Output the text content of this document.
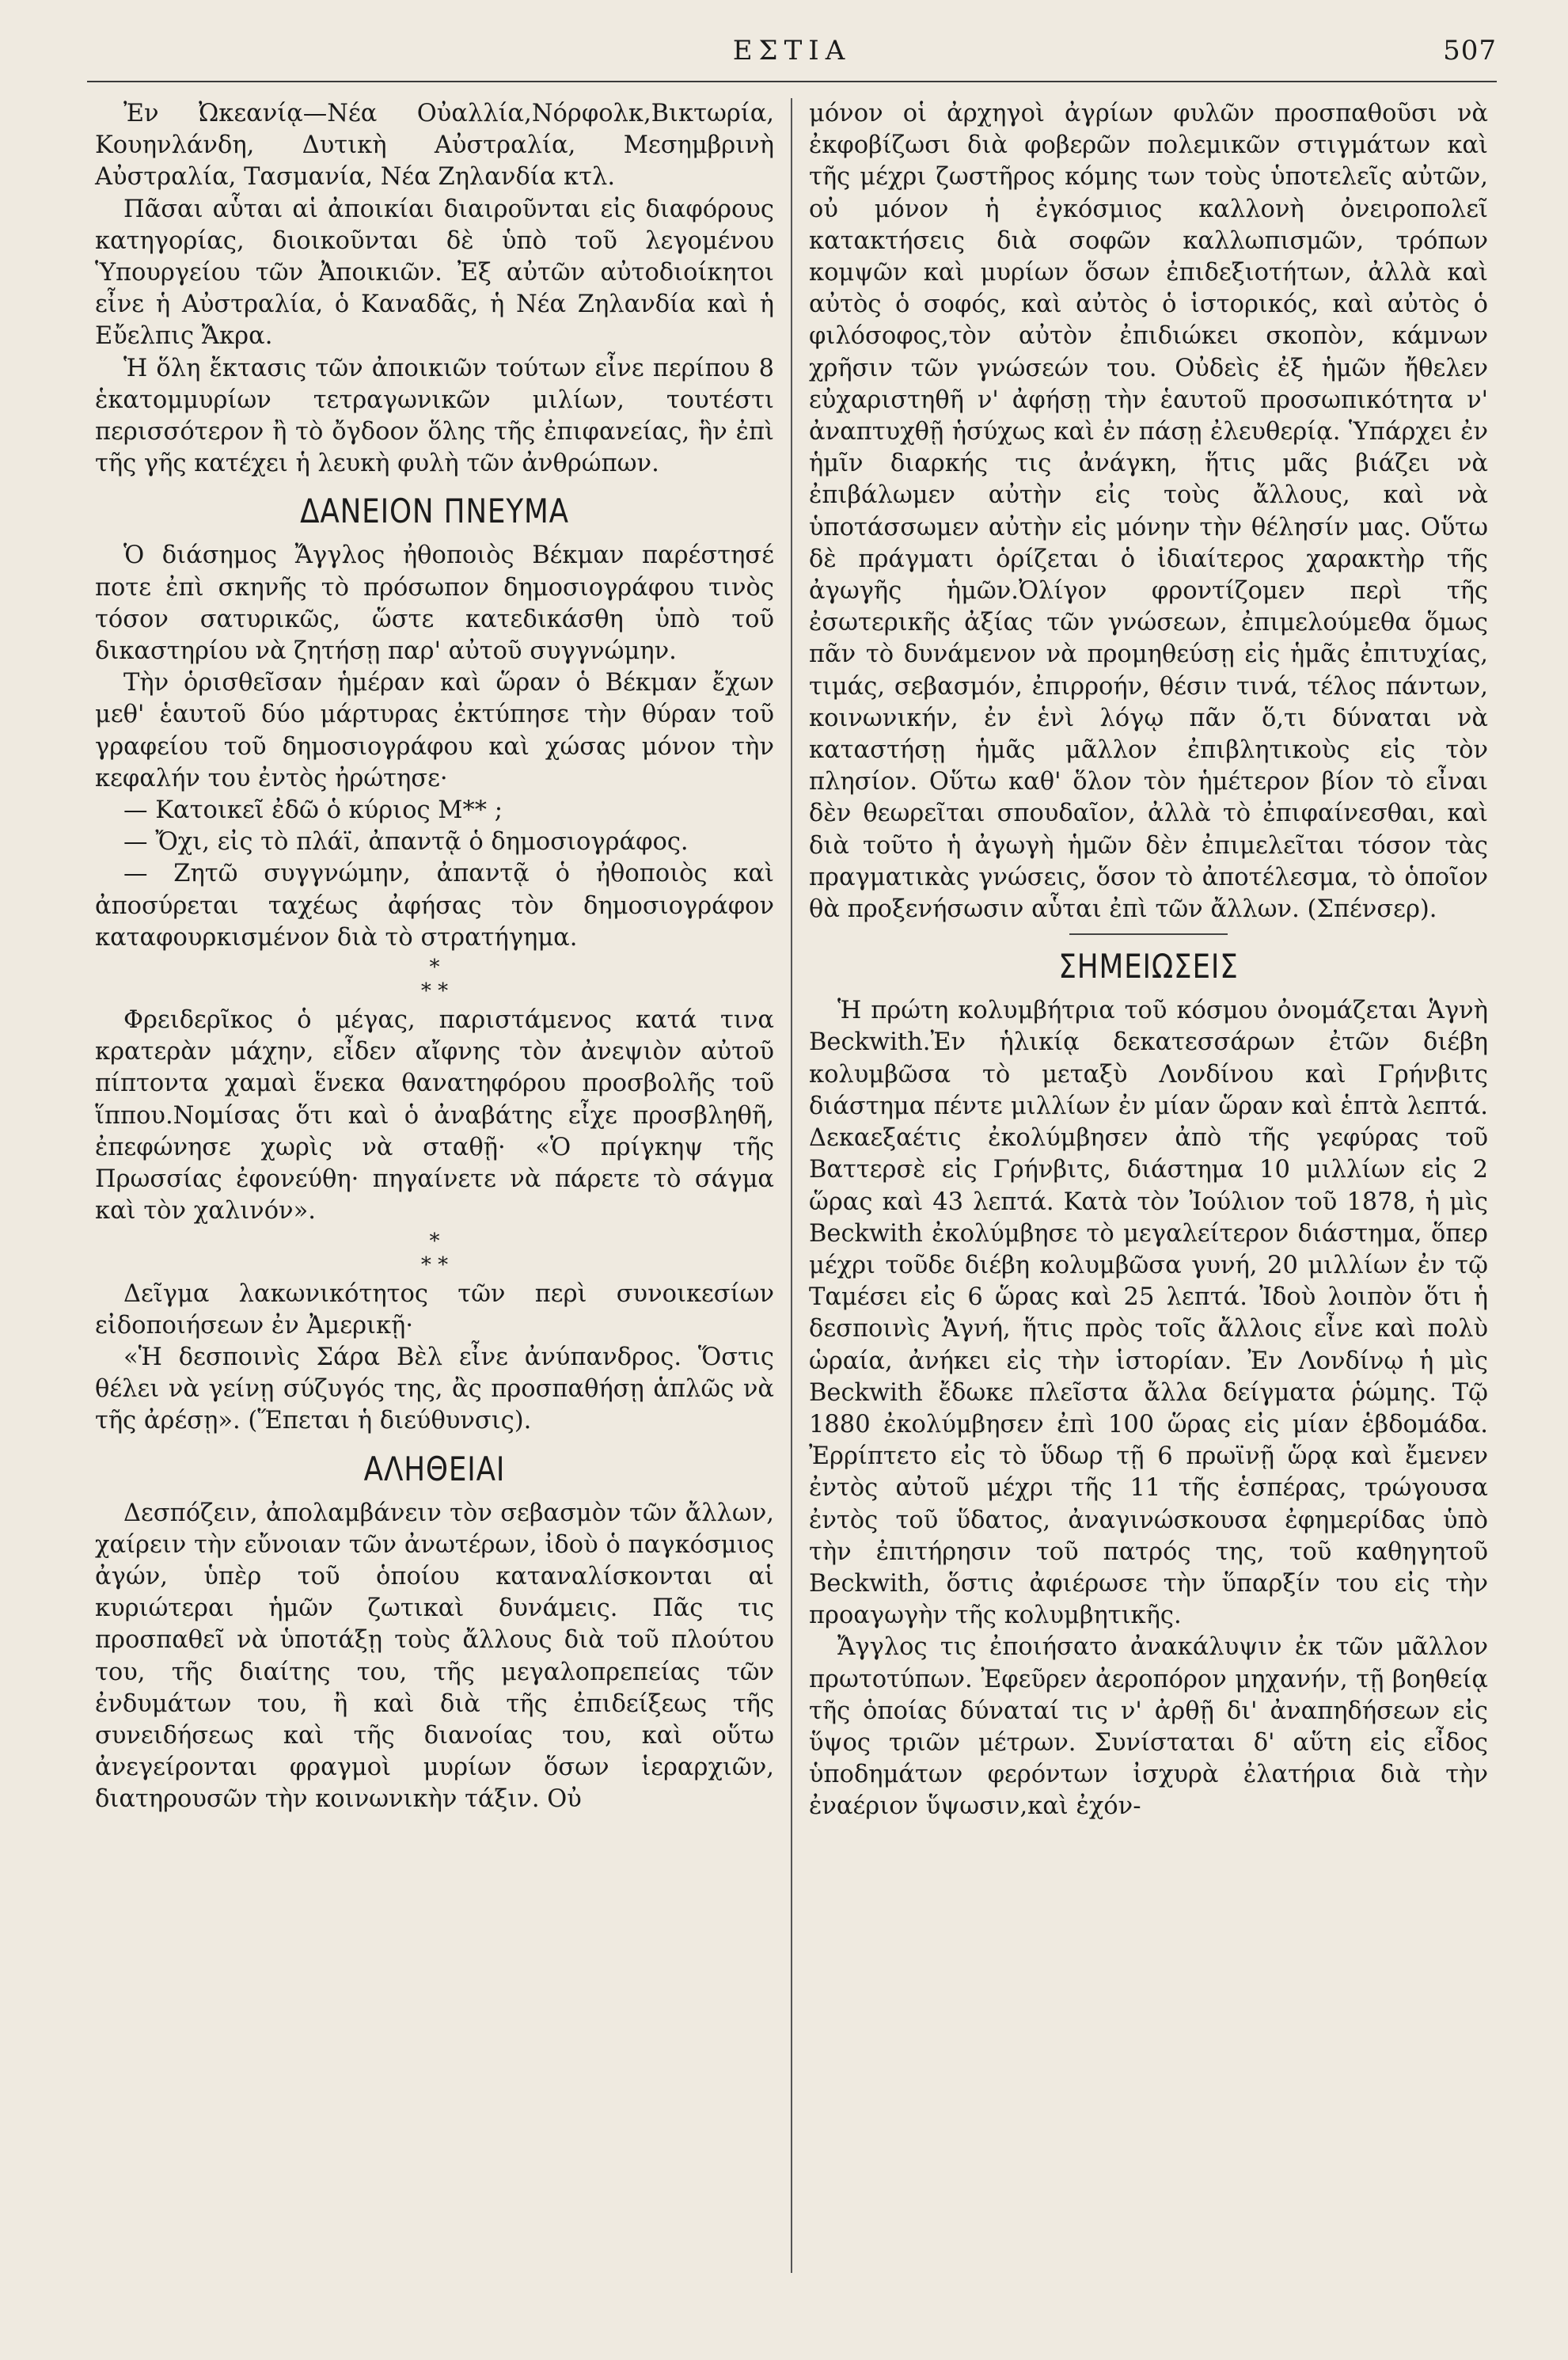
ΕΣΤΙΑ	507

Ἐν Ὠκεανίᾳ—Νέα Οὐαλλία,Νόρφολκ,Βικτωρία, Κουηνλάνδη, Δυτικὴ Αὐστραλία, Μεσημβρινὴ Αὐστραλία, Τασμανία, Νέα Ζηλανδία κτλ.

Πᾶσαι αὗται αἱ ἀποικίαι διαιροῦνται εἰς διαφόρους κατηγορίας, διοικοῦνται δὲ ὑπὸ τοῦ λεγομένου Ὑπουργείου τῶν Ἀποικιῶν. Ἐξ αὐτῶν αὐτοδιοίκητοι εἶνε ἡ Αὐστραλία, ὁ Καναδᾶς, ἡ Νέα Ζηλανδία καὶ ἡ Εὔελπις Ἄκρα.

Ἡ ὅλη ἔκτασις τῶν ἀποικιῶν τούτων εἶνε περίπου 8 ἑκατομμυρίων τετραγωνικῶν μιλίων, τουτέστι περισσότερον ἢ τὸ ὄγδοον ὅλης τῆς ἐπιφανείας, ἣν ἐπὶ τῆς γῆς κατέχει ἡ λευκὴ φυλὴ τῶν ἀνθρώπων.

ΔΑΝΕΙΟΝ ΠΝΕΥΜΑ

Ὁ διάσημος Ἄγγλος ἠθοποιὸς Βέκμαν παρέστησέ ποτε ἐπὶ σκηνῆς τὸ πρόσωπον δημοσιογράφου τινὸς τόσον σατυρικῶς, ὥστε κατεδικάσθη ὑπὸ τοῦ δικαστηρίου νὰ ζητήσῃ παρ' αὐτοῦ συγγνώμην.

Τὴν ὁρισθεῖσαν ἡμέραν καὶ ὥραν ὁ Βέκμαν ἔχων μεθ' ἑαυτοῦ δύο μάρτυρας ἐκτύπησε τὴν θύραν τοῦ γραφείου τοῦ δημοσιογράφου καὶ χώσας μόνον τὴν κεφαλήν του ἐντὸς ἠρώτησε·

— Κατοικεῖ ἐδῶ ὁ κύριος Μ** ;

— Ὄχι, εἰς τὸ πλάϊ, ἀπαντᾷ ὁ δημοσιογράφος.

— Ζητῶ συγγνώμην, ἀπαντᾷ ὁ ἠθοποιὸς καὶ ἀποσύρεται ταχέως ἀφήσας τὸν δημοσιογράφον καταφουρκισμένον διὰ τὸ στρατήγημα.

*
* *

Φρειδερῖκος ὁ μέγας, παριστάμενος κατά τινα κρατερὰν μάχην, εἶδεν αἴφνης τὸν ἀνεψιὸν αὐτοῦ πίπτοντα χαμαὶ ἕνεκα θανατηφόρου προσβολῆς τοῦ ἵππου.Νομίσας ὅτι καὶ ὁ ἀναβάτης εἶχε προσβληθῆ, ἐπεφώνησε χωρὶς νὰ σταθῇ· «Ὁ πρίγκηψ τῆς Πρωσσίας ἐφονεύθη· πηγαίνετε νὰ πάρετε τὸ σάγμα καὶ τὸν χαλινόν».

*
* *

Δεῖγμα λακωνικότητος τῶν περὶ συνοικεσίων εἰδοποιήσεων ἐν Ἀμερικῇ·

«Ἡ δεσποινὶς Σάρα Βὲλ εἶνε ἀνύπανδρος. Ὅστις θέλει νὰ γείνῃ σύζυγός της, ἂς προσπαθήσῃ ἁπλῶς νὰ τῆς ἀρέσῃ». (Ἕπεται ἡ διεύθυνσις).

ΑΛΗΘΕΙΑΙ

Δεσπόζειν, ἀπολαμβάνειν τὸν σεβασμὸν τῶν ἄλλων, χαίρειν τὴν εὔνοιαν τῶν ἀνωτέρων, ἰδοὺ ὁ παγκόσμιος ἀγών, ὑπὲρ τοῦ ὁποίου καταναλίσκονται αἱ κυριώτεραι ἡμῶν ζωτικαὶ δυνάμεις. Πᾶς τις προσπαθεῖ νὰ ὑποτάξῃ τοὺς ἄλλους διὰ τοῦ πλούτου του, τῆς διαίτης του, τῆς μεγαλοπρεπείας τῶν ἐνδυμάτων του, ἢ καὶ διὰ τῆς ἐπιδείξεως τῆς συνειδήσεως καὶ τῆς διανοίας του, καὶ οὕτω ἀνεγείρονται φραγμοὶ μυρίων ὅσων ἱεραρχιῶν, διατηρουσῶν τὴν κοινωνικὴν τάξιν. Οὐ

μόνον οἱ ἀρχηγοὶ ἀγρίων φυλῶν προσπαθοῦσι νὰ ἐκφοβίζωσι διὰ φοβερῶν πολεμικῶν στιγμάτων καὶ τῆς μέχρι ζωστῆρος κόμης των τοὺς ὑποτελεῖς αὐτῶν, οὐ μόνον ἡ ἐγκόσμιος καλλονὴ ὀνειροπολεῖ κατακτήσεις διὰ σοφῶν καλλωπισμῶν, τρόπων κομψῶν καὶ μυρίων ὅσων ἐπιδεξιοτήτων, ἀλλὰ καὶ αὐτὸς ὁ σοφός, καὶ αὐτὸς ὁ ἱστορικός, καὶ αὐτὸς ὁ φιλόσοφος,τὸν αὐτὸν ἐπιδιώκει σκοπὸν, κάμνων χρῆσιν τῶν γνώσεών του. Οὐδεὶς ἐξ ἡμῶν ἤθελεν εὐχαριστηθῆ ν' ἀφήσῃ τὴν ἑαυτοῦ προσωπικότητα ν' ἀναπτυχθῇ ἡσύχως καὶ ἐν πάσῃ ἐλευθερίᾳ. Ὑπάρχει ἐν ἡμῖν διαρκής τις ἀνάγκη, ἥτις μᾶς βιάζει νὰ ἐπιβάλωμεν αὐτὴν εἰς τοὺς ἄλλους, καὶ νὰ ὑποτάσσωμεν αὐτὴν εἰς μόνην τὴν θέλησίν μας. Οὕτω δὲ πράγματι ὁρίζεται ὁ ἰδιαίτερος χαρακτὴρ τῆς ἀγωγῆς ἡμῶν.Ὀλίγον φροντίζομεν περὶ τῆς ἐσωτερικῆς ἀξίας τῶν γνώσεων, ἐπιμελούμεθα ὅμως πᾶν τὸ δυνάμενον νὰ προμηθεύσῃ εἰς ἡμᾶς ἐπιτυχίας, τιμάς, σεβασμόν, ἐπιρροήν, θέσιν τινά, τέλος πάντων, κοινωνικήν, ἐν ἑνὶ λόγῳ πᾶν ὅ,τι δύναται νὰ καταστήσῃ ἡμᾶς μᾶλλον ἐπιβλητικοὺς εἰς τὸν πλησίον. Οὕτω καθ' ὅλον τὸν ἡμέτερον βίον τὸ εἶναι δὲν θεωρεῖται σπουδαῖον, ἀλλὰ τὸ ἐπιφαίνεσθαι, καὶ διὰ τοῦτο ἡ ἀγωγὴ ἡμῶν δὲν ἐπιμελεῖται τόσον τὰς πραγματικὰς γνώσεις, ὅσον τὸ ἀποτέλεσμα, τὸ ὁποῖον θὰ προξενήσωσιν αὗται ἐπὶ τῶν ἄλλων. (Σπένσερ).

ΣΗΜΕΙΩΣΕΙΣ

Ἡ πρώτη κολυμβήτρια τοῦ κόσμου ὀνομάζεται Ἁγνὴ Beckwith.Ἐν ἡλικίᾳ δεκατεσσάρων ἐτῶν διέβη κολυμβῶσα τὸ μεταξὺ Λονδίνου καὶ Γρήνβιτς διάστημα πέντε μιλλίων ἐν μίαν ὥραν καὶ ἑπτὰ λεπτά. Δεκαεξαέτις ἐκολύμβησεν ἀπὸ τῆς γεφύρας τοῦ Βαττερσὲ εἰς Γρήνβιτς, διάστημα 10 μιλλίων εἰς 2 ὥρας καὶ 43 λεπτά. Κατὰ τὸν Ἰούλιον τοῦ 1878, ἡ μὶς Beckwith ἐκολύμβησε τὸ μεγαλείτερον διάστημα, ὅπερ μέχρι τοῦδε διέβη κολυμβῶσα γυνή, 20 μιλλίων ἐν τῷ Ταμέσει εἰς 6 ὥρας καὶ 25 λεπτά. Ἰδοὺ λοιπὸν ὅτι ἡ δεσποινὶς Ἁγνή, ἥτις πρὸς τοῖς ἄλλοις εἶνε καὶ πολὺ ὡραία, ἀνήκει εἰς τὴν ἱστορίαν. Ἐν Λονδίνῳ ἡ μὶς Beckwith ἔδωκε πλεῖστα ἄλλα δείγματα ῥώμης. Τῷ 1880 ἐκολύμβησεν ἐπὶ 100 ὥρας εἰς μίαν ἑβδομάδα. Ἐρρίπτετο εἰς τὸ ὕδωρ τῇ 6 πρωϊνῇ ὥρᾳ καὶ ἔμενεν ἐντὸς αὐτοῦ μέχρι τῆς 11 τῆς ἑσπέρας, τρώγουσα ἐντὸς τοῦ ὕδατος, ἀναγινώσκουσα ἐφημερίδας ὑπὸ τὴν ἐπιτήρησιν τοῦ πατρός της, τοῦ καθηγητοῦ Beckwith, ὅστις ἀφιέρωσε τὴν ὕπαρξίν του εἰς τὴν προαγωγὴν τῆς κολυμβητικῆς.

Ἄγγλος τις ἐποιήσατο ἀνακάλυψιν ἐκ τῶν μᾶλλον πρωτοτύπων. Ἐφεῦρεν ἀεροπόρον μηχανήν, τῇ βοηθείᾳ τῆς ὁποίας δύναταί τις ν' ἀρθῇ δι' ἀναπηδήσεων εἰς ὕψος τριῶν μέτρων. Συνίσταται δ' αὕτη εἰς εἶδος ὑποδημάτων φερόντων ἰσχυρὰ ἐλατήρια διὰ τὴν ἐναέριον ὕψωσιν,καὶ ἐχόν-
